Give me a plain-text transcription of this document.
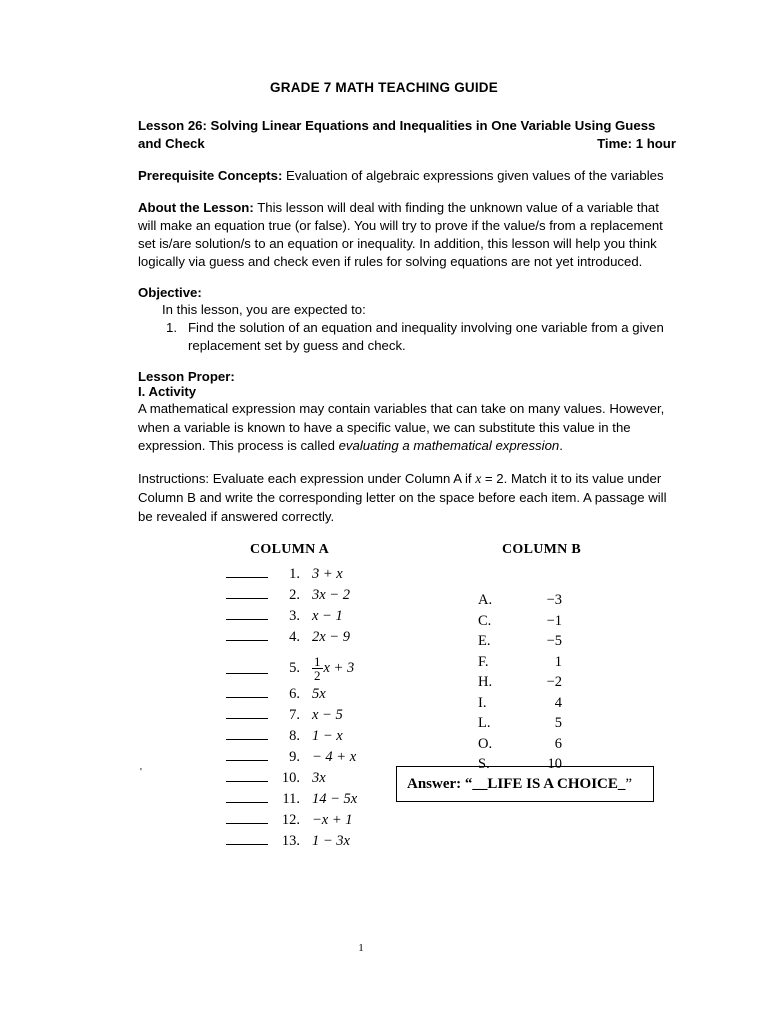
GRADE 7 MATH TEACHING GUIDE
Lesson 26: Solving Linear Equations and Inequalities in One Variable Using Guess and Check	Time: 1 hour
Prerequisite Concepts: Evaluation of algebraic expressions given values of the variables
About the Lesson: This lesson will deal with finding the unknown value of a variable that will make an equation true (or false). You will try to prove if the value/s from a replacement set is/are solution/s to an equation or inequality. In addition, this lesson will help you think logically via guess and check even if rules for solving equations are not yet introduced.
Objective:
In this lesson, you are expected to:
1. Find the solution of an equation and inequality involving one variable from a given replacement set by guess and check.
Lesson Proper:
I. Activity
A mathematical expression may contain variables that can take on many values. However, when a variable is known to have a specific value, we can substitute this value in the expression. This process is called evaluating a mathematical expression.
Instructions: Evaluate each expression under Column A if x = 2. Match it to its value under Column B and write the corresponding letter on the space before each item. A passage will be revealed if answered correctly.
COLUMN A	COLUMN B
1. 3 + x
2. 3x − 2
3. x − 1
4. 2x − 9
5. $\frac{1}{2}$ x + 3
6. 5x
7. x − 5
8. 1 − x
9. − 4 + x
10. 3x
11. 14 − 5x
12. −x + 1
13. 1 − 3x
A.	−3
C.	−1
E.	−5
F.	1
H.	−2
I.	4
L.	5
O.	6
S.	10
Answer: “ __LIFE IS A CHOICE_ ”
'
1
